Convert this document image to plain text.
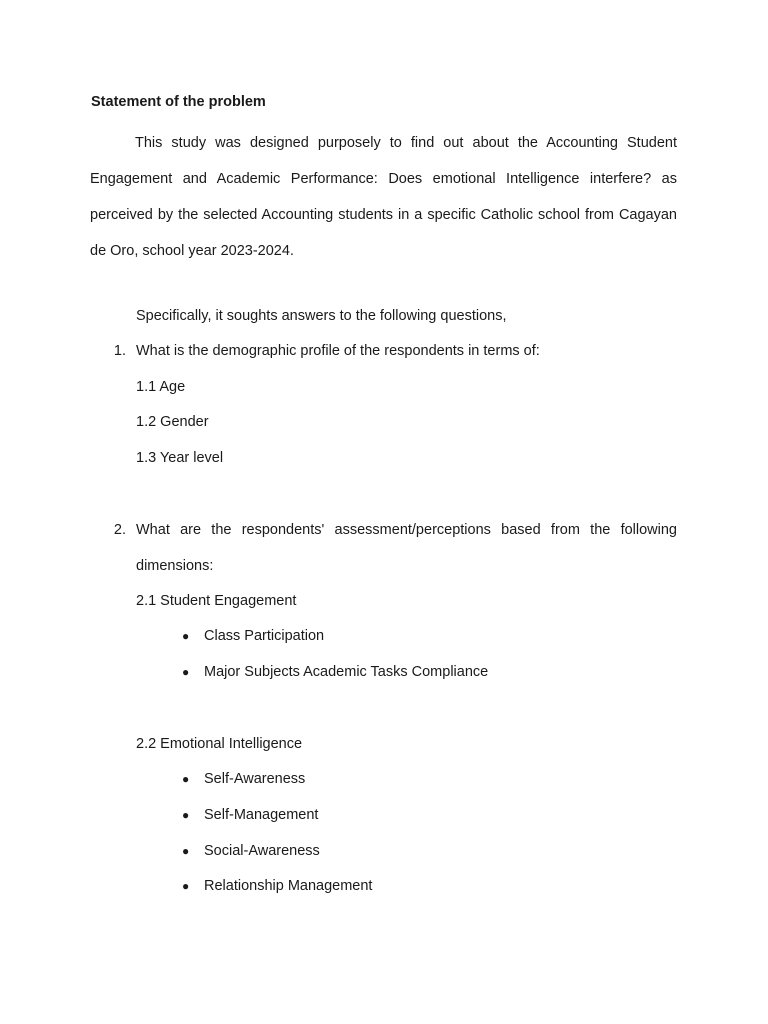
Statement of the problem

This study was designed purposely to find out about the Accounting Student Engagement and Academic Performance: Does emotional Intelligence interfere? as perceived by the selected Accounting students in a specific Catholic school from Cagayan de Oro, school year 2023-2024.

Specifically, it soughts answers to the following questions,
1. What is the demographic profile of the respondents in terms of:
1.1 Age
1.2 Gender
1.3 Year level
2. What are the respondents' assessment/perceptions based from the following dimensions:

2.1 Student Engagement
● Class Participation
● Major Subjects Academic Tasks Compliance
2.2 Emotional Intelligence
● Self-Awareness
● Self-Management
● Social-Awareness
● Relationship Management
